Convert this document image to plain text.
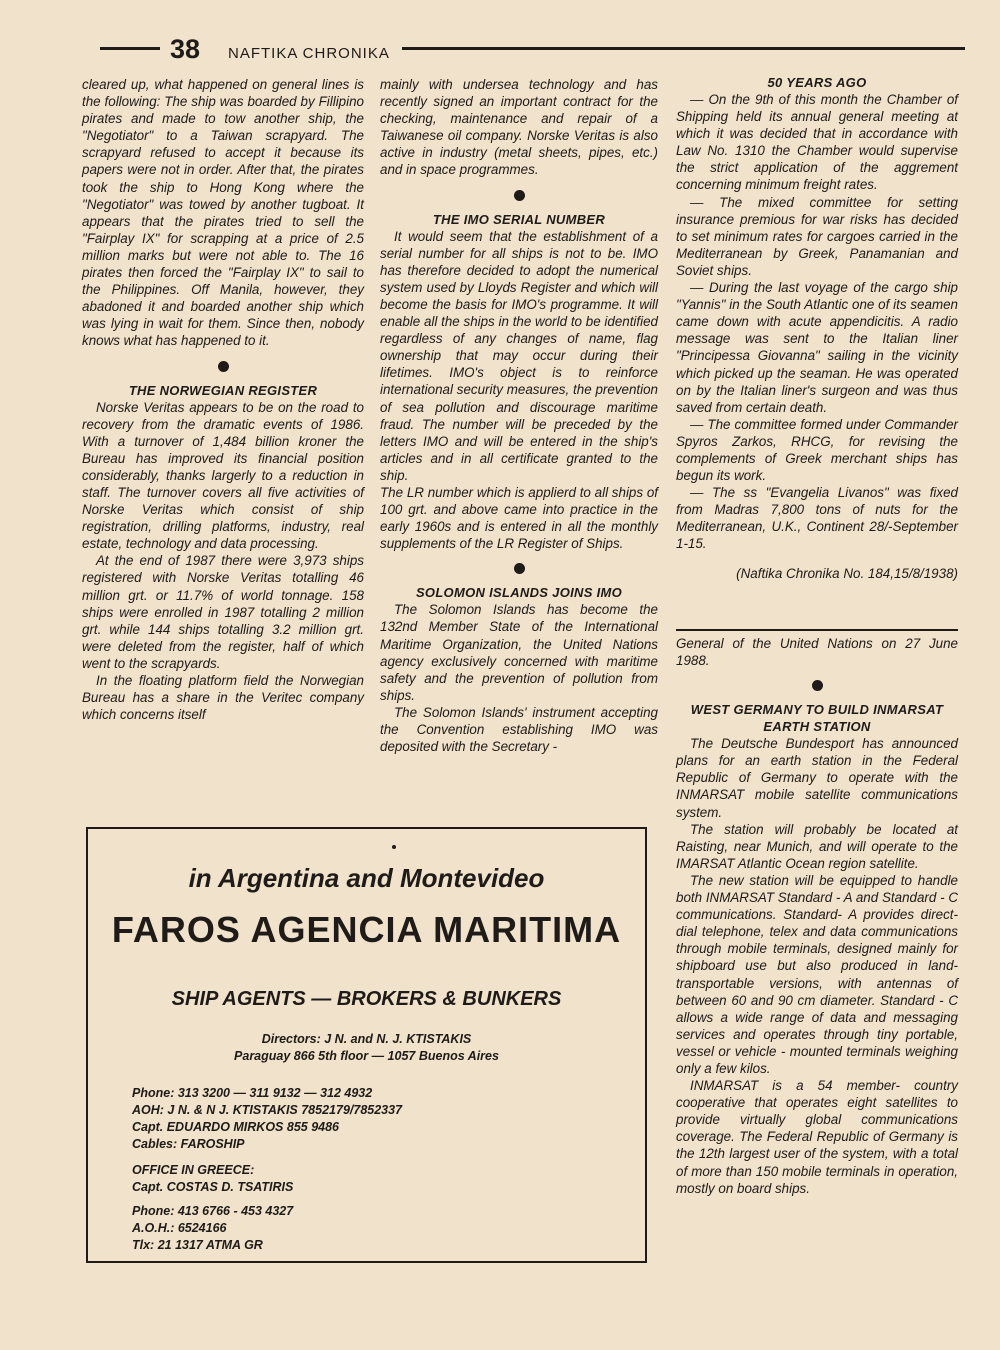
38 NAFTIKA CHRONIKA

cleared up, what happened on general lines is the following: The ship was boarded by Fillipino pirates and made to tow another ship, the "Negotiator" to a Taiwan scrapyard. The scrapyard refused to accept it because its papers were not in order. After that, the pirates took the ship to Hong Kong where the "Negotiator" was towed by another tugboat. It appears that the pirates tried to sell the "Fairplay IX" for scrapping at a price of 2.5 million marks but were not able to. The 16 pirates then forced the "Fairplay IX" to sail to the Philippines. Off Manila, however, they abadoned it and boarded another ship which was lying in wait for them. Since then, nobody knows what has happened to it.

THE NORWEGIAN REGISTER

Norske Veritas appears to be on the road to recovery from the dramatic events of 1986. With a turnover of 1,484 billion kroner the Bureau has improved its financial position considerably, thanks largerly to a reduction in staff. The turnover covers all five activities of Norske Veritas which consist of ship registration, drilling platforms, industry, real estate, technology and data processing.

At the end of 1987 there were 3,973 ships registered with Norske Veritas totalling 46 million grt. or 11.7% of world tonnage. 158 ships were enrolled in 1987 totalling 2 million grt. while 144 ships totalling 3.2 million grt. were deleted from the register, half of which went to the scrapyards.

In the floating platform field the Norwegian Bureau has a share in the Veritec company which concerns itself

mainly with undersea technology and has recently signed an important contract for the checking, maintenance and repair of a Taiwanese oil company. Norske Veritas is also active in industry (metal sheets, pipes, etc.) and in space programmes.

THE IMO SERIAL NUMBER

It would seem that the establishment of a serial number for all ships is not to be. IMO has therefore decided to adopt the numerical system used by Lloyds Register and which will become the basis for IMO's programme. It will enable all the ships in the world to be identified regardless of any changes of name, flag ownership that may occur during their lifetimes. IMO's object is to reinforce international security measures, the prevention of sea pollution and discourage maritime fraud. The number will be preceded by the letters IMO and will be entered in the ship's articles and in all certificate granted to the ship.

The LR number which is applierd to all ships of 100 grt. and above came into practice in the early 1960s and is entered in all the monthly supplements of the LR Register of Ships.

SOLOMON ISLANDS JOINS IMO

The Solomon Islands has become the 132nd Member State of the International Maritime Organization, the United Nations agency exclusively concerned with maritime safety and the prevention of pollution from ships.

The Solomon Islands' instrument accepting the Convention establishing IMO was deposited with the Secretary -

50 YEARS AGO

— On the 9th of this month the Chamber of Shipping held its annual general meeting at which it was decided that in accordance with Law No. 1310 the Chamber would supervise the strict application of the aggrement concerning minimum freight rates.

— The mixed committee for setting insurance premious for war risks has decided to set minimum rates for cargoes carried in the Mediterranean by Greek, Panamanian and Soviet ships.

— During the last voyage of the cargo ship "Yannis" in the South Atlantic one of its seamen came down with acute appendicitis. A radio message was sent to the Italian liner "Principessa Giovanna" sailing in the vicinity which picked up the seaman. He was operated on by the Italian liner's surgeon and was thus saved from certain death.

— The committee formed under Commander Spyros Zarkos, RHCG, for revising the complements of Greek merchant ships has begun its work.

— The ss "Evangelia Livanos" was fixed from Madras 7,800 tons of nuts for the Mediterranean, U.K., Continent 28/-September 1-15.

(Naftika Chronika No. 184,15/8/1938)

General of the United Nations on 27 June 1988.

WEST GERMANY TO BUILD INMARSAT EARTH STATION

The Deutsche Bundesport has announced plans for an earth station in the Federal Republic of Germany to operate with the INMARSAT mobile satellite communications system.

The station will probably be located at Raisting, near Munich, and will operate to the IMARSAT Atlantic Ocean region satellite.

The new station will be equipped to handle both INMARSAT Standard - A and Standard - C communications. Standard- A provides direct-dial telephone, telex and data communications through mobile terminals, designed mainly for shipboard use but also produced in land-transportable versions, with antennas of between 60 and 90 cm diameter. Standard - C allows a wide range of data and messaging services and operates through tiny portable, vessel or vehicle - mounted terminals weighing only a few kilos.

INMARSAT is a 54 member- country cooperative that operates eight satellites to provide virtually global communications coverage. The Federal Republic of Germany is the 12th largest user of the system, with a total of more than 150 mobile terminals in operation, mostly on board ships.

in Argentina and Montevideo
FAROS AGENCIA MARITIMA
SHIP AGENTS — BROKERS & BUNKERS
Directors: J N. and N. J. KTISTAKIS
Paraguay 866 5th floor — 1057 Buenos Aires
Phone: 313 3200 — 311 9132 — 312 4932
AOH: J N. & N J. KTISTAKIS 7852179/7852337
Capt. EDUARDO MIRKOS 855 9486
Cables: FAROSHIP
OFFICE IN GREECE:
Capt. COSTAS D. TSATIRIS
Phone: 413 6766 - 453 4327
A.O.H.: 6524166
Tlx: 21 1317 ATMA GR
